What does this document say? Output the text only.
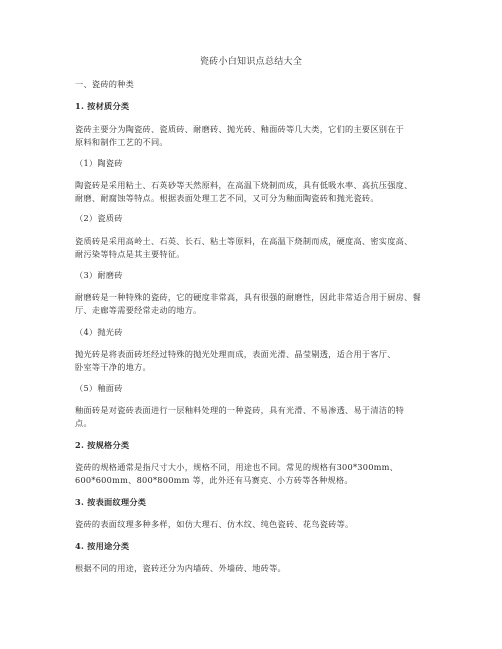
瓷砖小白知识点总结大全
一、瓷砖的种类
1. 按材质分类
瓷砖主要分为陶瓷砖、瓷质砖、耐磨砖、抛光砖、釉面砖等几大类，它们的主要区别在于
原料和制作工艺的不同。
（1）陶瓷砖
陶瓷砖是采用粘土、石英砂等天然原料，在高温下烧制而成，具有低吸水率、高抗压强度、
耐磨、耐腐蚀等特点。根据表面处理工艺不同，又可分为釉面陶瓷砖和抛光瓷砖。
（2）瓷质砖
瓷质砖是采用高岭土、石英、长石、粘土等原料，在高温下烧制而成，硬度高、密实度高、
耐污染等特点是其主要特征。
（3）耐磨砖
耐磨砖是一种特殊的瓷砖，它的硬度非常高，具有很强的耐磨性，因此非常适合用于厨房、餐
厅、走廊等需要经常走动的地方。
（4）抛光砖
抛光砖是将表面砖坯经过特殊的抛光处理而成，表面光滑、晶莹剔透，适合用于客厅、
卧室等干净的地方。
（5）釉面砖
釉面砖是对瓷砖表面进行一层釉料处理的一种瓷砖，具有光滑、不易渗透、易于清洁的特
点。
2. 按规格分类
瓷砖的规格通常是指尺寸大小，规格不同，用途也不同。常见的规格有300*300mm、
600*600mm、800*800mm 等，此外还有马赛克、小方砖等各种规格。
3. 按表面纹理分类
瓷砖的表面纹理多种多样，如仿大理石、仿木纹、纯色瓷砖、花鸟瓷砖等。
4. 按用途分类
根据不同的用途，瓷砖还分为内墙砖、外墙砖、地砖等。
